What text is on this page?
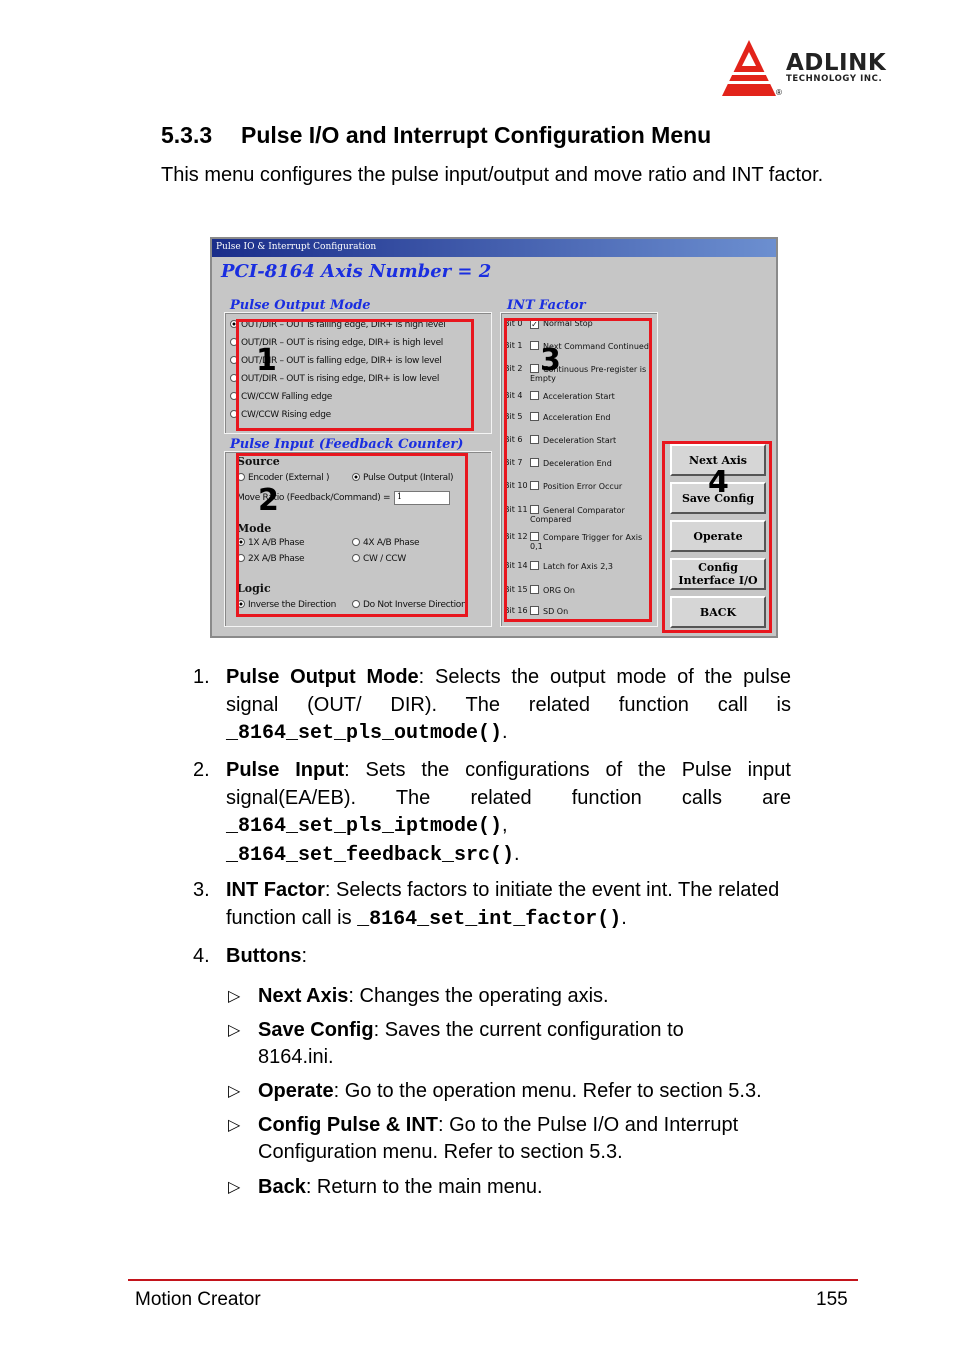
ADLINK
TECHNOLOGY INC.
®
5.3.3 Pulse I/O and Interrupt Configuration Menu

This menu configures the pulse input/output and move ratio and INT factor.

Pulse IO & Interrupt Configuration
PCI-8164 Axis Number = 2
Pulse Output Mode
OUT/DIR – OUT is falling edge, DIR+ is high level
OUT/DIR – OUT is rising edge, DIR+ is high level
OUT/DIR – OUT is falling edge, DIR+ is low level
OUT/DIR – OUT is rising edge, DIR+ is low level
CW/CCW Falling edge
CW/CCW Rising edge
Pulse Input (Feedback Counter)
Source
Encoder (External )	Pulse Output (Interal)
Move Ratio (Feedback/Command) = 1
Mode
1X A/B Phase	4X A/B Phase
2X A/B Phase	CW / CCW
Logic
Inverse the Direction	Do Not Inverse Direction
INT Factor
Bit 0 ✓ Normal Stop
Bit 1	Next Command Continued
Bit 2	Continuous Pre-register is Empty
Bit 4	Acceleration Start
Bit 5	Acceleration End
Bit 6	Deceleration Start
Bit 7	Deceleration End
Bit 10	Position Error Occur
Bit 11	General Comparator Compared
Bit 12	Compare Trigger for Axis 0,1
Bit 14	Latch for Axis 2,3
Bit 15	ORG On
Bit 16	SD On
Next Axis
Save Config
Operate
Config Interface I/O
BACK
1
2
3
4
1. Pulse Output Mode: Selects the output mode of the pulse signal (OUT/ DIR). The related function call is _8164_set_pls_outmode().
2. Pulse Input: Sets the configurations of the Pulse input signal(EA/EB). The related function calls are _8164_set_pls_iptmode(),
_8164_set_feedback_src().
3. INT Factor: Selects factors to initiate the event int. The related function call is _8164_set_int_factor().
4. Buttons:
▷ Next Axis: Changes the operating axis.
▷ Save Config: Saves the current configuration to 8164.ini.
▷ Operate: Go to the operation menu. Refer to section 5.3.
▷ Config Pulse & INT: Go to the Pulse I/O and Interrupt Configuration menu. Refer to section 5.3.
▷ Back: Return to the main menu.
Motion Creator	155
